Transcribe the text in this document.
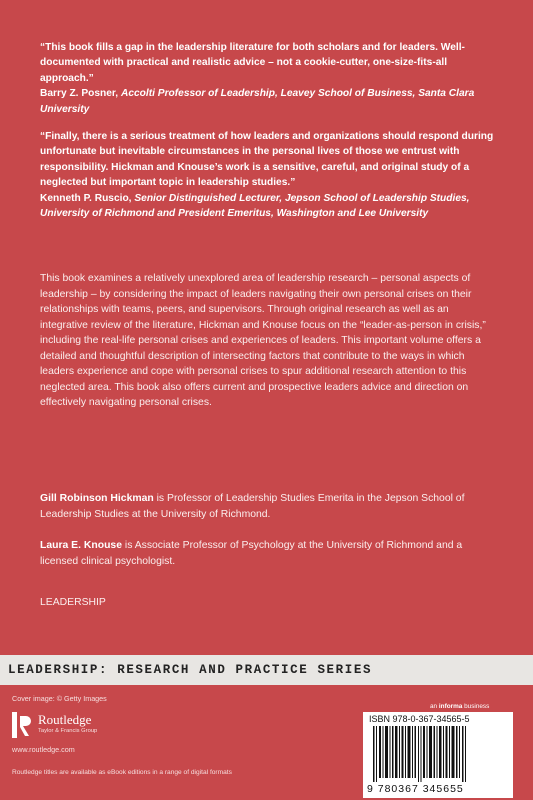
“This book fills a gap in the leadership literature for both scholars and for leaders. Well-documented with practical and realistic advice – not a cookie-cutter, one-size-fits-all approach.”

Barry Z. Posner, Accolti Professor of Leadership, Leavey School of Business, Santa Clara University

“Finally, there is a serious treatment of how leaders and organizations should respond during unfortunate but inevitable circumstances in the personal lives of those we entrust with responsibility. Hickman and Knouse’s work is a sensitive, careful, and original study of a neglected but important topic in leadership studies.”

Kenneth P. Ruscio, Senior Distinguished Lecturer, Jepson School of Leadership Studies, University of Richmond and President Emeritus, Washington and Lee University

This book examines a relatively unexplored area of leadership research – personal aspects of leadership – by considering the impact of leaders navigating their own personal crises on their relationships with teams, peers, and supervisors. Through original research as well as an integrative review of the literature, Hickman and Knouse focus on the “leader-as-person in crisis,” including the real-life personal crises and experiences of leaders. This important volume offers a detailed and thoughtful description of intersecting factors that contribute to the ways in which leaders experience and cope with personal crises to spur additional research attention to this neglected area. This book also offers current and prospective leaders advice and direction on effectively navigating personal crises.

Gill Robinson Hickman is Professor of Leadership Studies Emerita in the Jepson School of Leadership Studies at the University of Richmond.

Laura E. Knouse is Associate Professor of Psychology at the University of Richmond and a licensed clinical psychologist.

LEADERSHIP
LEADERSHIP: RESEARCH AND PRACTICE SERIES
Cover image: © Getty Images
Routledge
Taylor & Francis Group
www.routledge.com
Routledge titles are available as eBook editions in a range of digital formats
an informa business
ISBN 978-0-367-34565-5
9 780367 345655
